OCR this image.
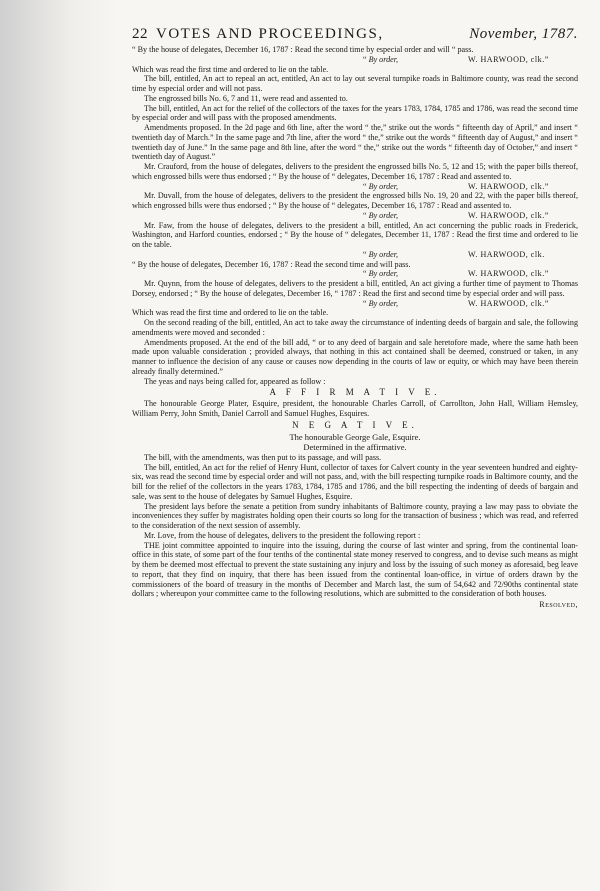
22 VOTES AND PROCEEDINGS,	November, 1787.

“ By the house of delegates, December 16, 1787 : Read the second time by especial order and will “ pass.

“ By order,	W. HARWOOD, clk.”

Which was read the first time and ordered to lie on the table.

The bill, entitled, An act to repeal an act, entitled, An act to lay out several turnpike roads in Baltimore county, was read the second time by especial order and will not pass.

The engrossed bills No. 6, 7 and 11, were read and assented to.

The bill, entitled, An act for the relief of the collectors of the taxes for the years 1783, 1784, 1785 and 1786, was read the second time by especial order and will pass with the proposed amendments.

Amendments proposed. In the 2d page and 6th line, after the word “ the,” strike out the words “ fifteenth day of April,” and insert “ twentieth day of March.” In the same page and 7th line, after the word “ the,” strike out the words “ fifteenth day of August,” and insert “ twentieth day of June.” In the same page and 8th line, after the word “ the,” strike out the words “ fifteenth day of October,” and insert “ twentieth day of August.”

Mr. Crauford, from the house of delegates, delivers to the president the engrossed bills No. 5, 12 and 15; with the paper bills thereof, which engrossed bills were thus endorsed ; “ By the house of “ delegates, December 16, 1787 : Read and assented to.

“ By order,	W. HARWOOD, clk.”

Mr. Duvall, from the house of delegates, delivers to the president the engrossed bills No. 19, 20 and 22, with the paper bills thereof, which engrossed bills were thus endorsed ; “ By the house of “ delegates, December 16, 1787 : Read and assented to.

“ By order,	W. HARWOOD, clk.”

Mr. Faw, from the house of delegates, delivers to the president a bill, entitled, An act concerning the public roads in Frederick, Washington, and Harford counties, endorsed ; “ By the house of “ delegates, December 11, 1787 : Read the first time and ordered to lie on the table.

“ By order,	W. HARWOOD, clk.

“ By the house of delegates, December 16, 1787 : Read the second time and will pass.

“ By order,	W. HARWOOD, clk.”

Mr. Quynn, from the house of delegates, delivers to the president a bill, entitled, An act giving a further time of payment to Thomas Dorsey, endorsed ; “ By the house of delegates, December 16, “ 1787 : Read the first and second time by especial order and will pass.

“ By order,	W. HARWOOD, clk.”

Which was read the first time and ordered to lie on the table.

On the second reading of the bill, entitled, An act to take away the circumstance of indenting deeds of bargain and sale, the following amendments were moved and seconded :

Amendments proposed. At the end of the bill add, “ or to any deed of bargain and sale heretofore made, where the same hath been made upon valuable consideration ; provided always, that nothing in this act contained shall be deemed, construed or taken, in any manner to influence the decision of any cause or causes now depending in the courts of law or equity, or which may have been therein already finally determined.”

The yeas and nays being called for, appeared as follow :

A F F I R M A T I V E.

The honourable George Plater, Esquire, president, the honourable Charles Carroll, of Carrollton, John Hall, William Hemsley, William Perry, John Smith, Daniel Carroll and Samuel Hughes, Esquires.

N E G A T I V E.
The honourable George Gale, Esquire.
Determined in the affirmative.

The bill, with the amendments, was then put to its passage, and will pass.

The bill, entitled, An act for the relief of Henry Hunt, collector of taxes for Calvert county in the year seventeen hundred and eighty-six, was read the second time by especial order and will not pass, and, with the bill respecting turnpike roads in Baltimore county, and the bill for the relief of the collectors in the years 1783, 1784, 1785 and 1786, and the bill respecting the indenting of deeds of bargain and sale, was sent to the house of delegates by Samuel Hughes, Esquire.

The president lays before the senate a petition from sundry inhabitants of Baltimore county, praying a law may pass to obviate the inconveniences they suffer by magistrates holding open their courts so long for the transaction of business ; which was read, and referred to the consideration of the next session of assembly.

Mr. Love, from the house of delegates, delivers to the president the following report :

THE joint committee appointed to inquire into the issuing, during the course of last winter and spring, from the continental loan-office in this state, of some part of the four tenths of the continental state money reserved to congress, and to devise such means as might by them be deemed most effectual to prevent the state sustaining any injury and loss by the issuing of such money as aforesaid, beg leave to report, that they find on inquiry, that there has been issued from the continental loan-office, in virtue of orders drawn by the commissioners of the board of treasury in the months of December and March last, the sum of 54,642 and 72/90ths continental state dollars ; whereupon your committee came to the following resolutions, which are submitted to the consideration of both houses.

Resolved,
